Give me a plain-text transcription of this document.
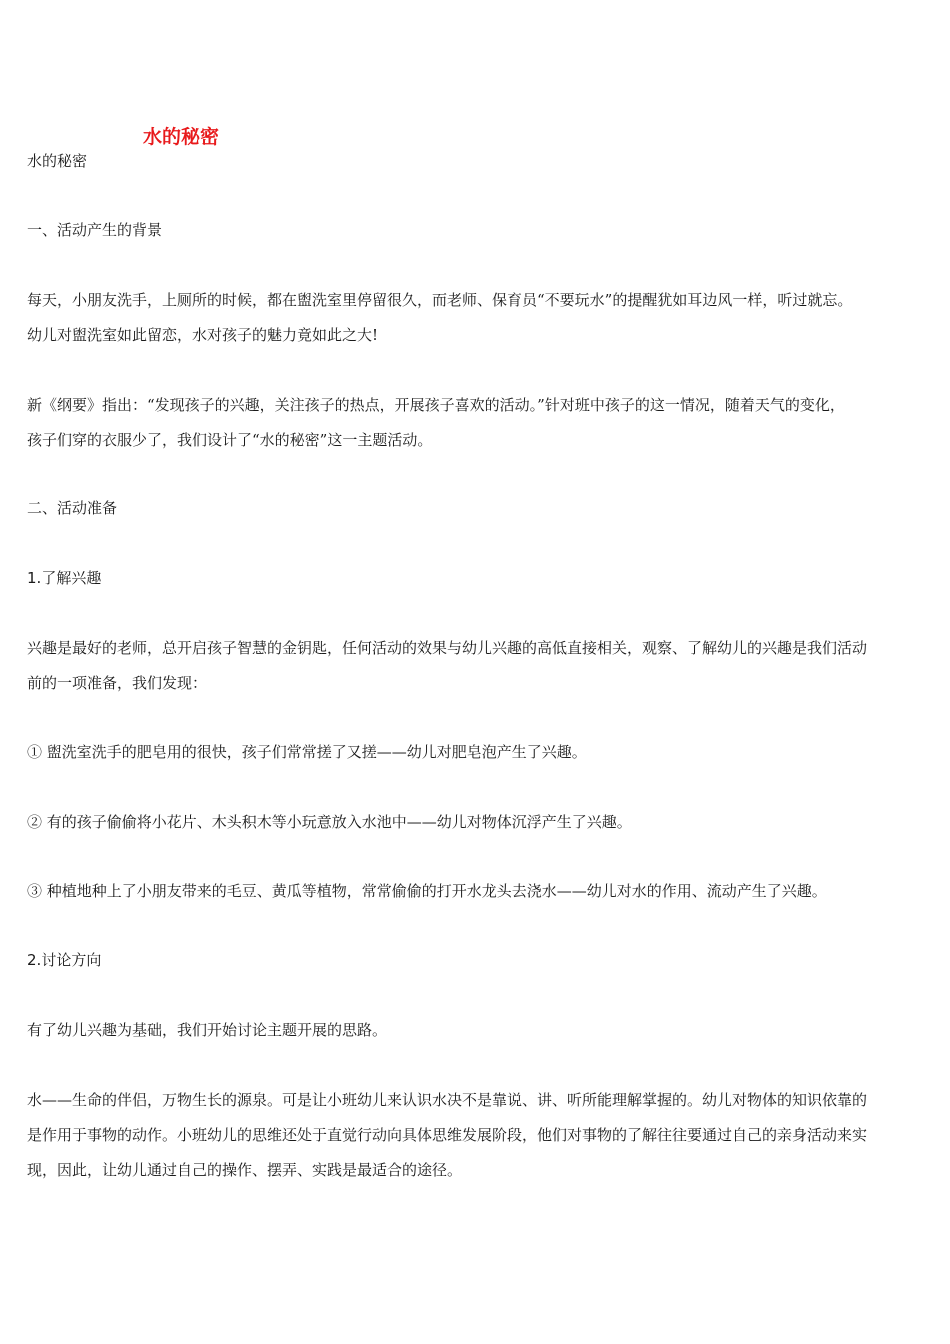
水的秘密

水的秘密

一、活动产生的背景

每天，小朋友洗手，上厕所的时候，都在盥洗室里停留很久，而老师、保育员“不要玩水”的提醒犹如耳边风一样，听过就忘。
幼儿对盥洗室如此留恋，水对孩子的魅力竟如此之大!
新《纲要》指出：“发现孩子的兴趣，关注孩子的热点，开展孩子喜欢的活动。”针对班中孩子的这一情况，随着天气的变化，
孩子们穿的衣服少了，我们设计了“水的秘密”这一主题活动。

二、活动准备

1.了解兴趣

兴趣是最好的老师，总开启孩子智慧的金钥匙，任何活动的效果与幼儿兴趣的高低直接相关，观察、了解幼儿的兴趣是我们活动
前的一项准备，我们发现：

① 盥洗室洗手的肥皂用的很快，孩子们常常搓了又搓——幼儿对肥皂泡产生了兴趣。

② 有的孩子偷偷将小花片、木头积木等小玩意放入水池中——幼儿对物体沉浮产生了兴趣。

③ 种植地种上了小朋友带来的毛豆、黄瓜等植物，常常偷偷的打开水龙头去浇水——幼儿对水的作用、流动产生了兴趣。

2.讨论方向

有了幼儿兴趣为基础，我们开始讨论主题开展的思路。

水——生命的伴侣，万物生长的源泉。可是让小班幼儿来认识水决不是靠说、讲、听所能理解掌握的。幼儿对物体的知识依靠的
是作用于事物的动作。小班幼儿的思维还处于直觉行动向具体思维发展阶段，他们对事物的了解往往要通过自己的亲身活动来实
现，因此，让幼儿通过自己的操作、摆弄、实践是最适合的途径。
